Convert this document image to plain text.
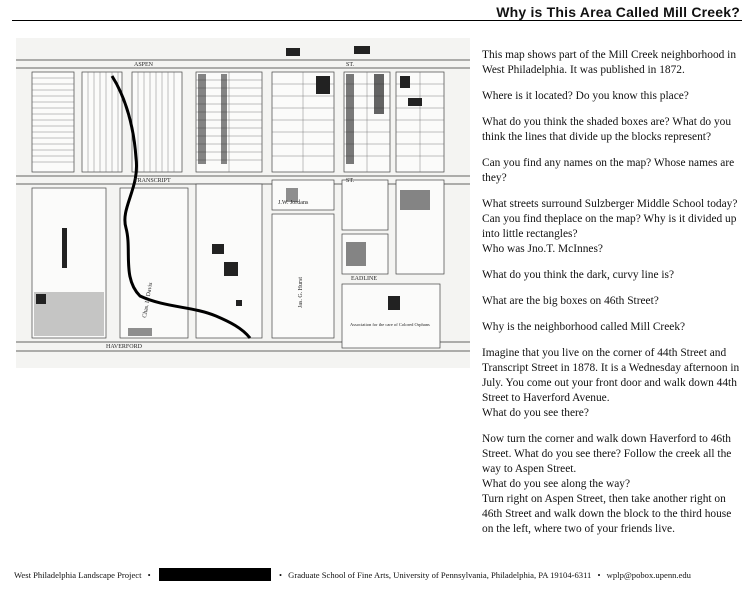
Why is This Area Called Mill Creek?
ASPEN	ST.
TRANSCRIPT	ST.
HAVERFORD
EADLINE
J.W. Jordans
Association for the care of Colored Orphans
Jas. G. Hurst
Chas. L. Davis

This map shows part of the Mill Creek neighborhood in West Philadelphia. It was published in 1872.

Where is it located? Do you know this place?

What do you think the shaded boxes are? What do you think the lines that divide up the blocks represent?

Can you find any names on the map? Whose names are they?

What streets surround Sulzberger Middle School today? Can you find theplace on the map? Why is it divided up into little rectangles?

Who was Jno.T. McInnes?

What do you think the dark, curvy line is?

What are the big boxes on 46th Street?

Why is the neighborhood called Mill Creek?

Imagine that you live on the corner of 44th Street and Transcript Street in 1878. It is a Wednesday afternoon in July. You come out your front door and walk down 44th Street to Haverford Avenue.

What do you see there?

Now turn the corner and walk down Haverford to 46th Street. What do you see there? Follow the creek all the way to Aspen Street.

What do you see along the way?

Turn right on Aspen Street, then take another right on 46th Street and walk down the block to the third house on the left, where two of your friends live.

West Philadelphia Landscape Project •	• Graduate School of Fine Arts, University of Pennsylvania, Philadelphia, PA 19104-6311 • wplp@pobox.upenn.edu
